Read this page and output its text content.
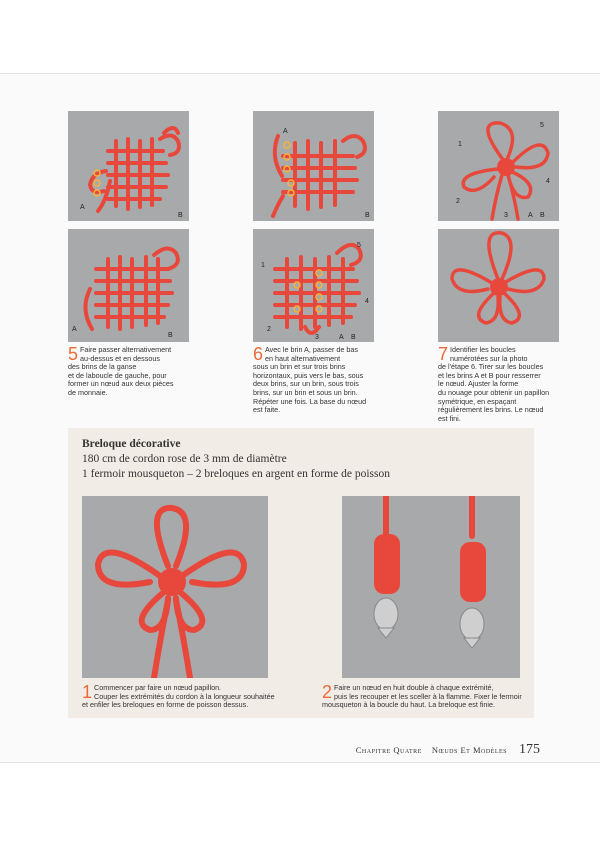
A
B
A
B
1
2
3
4
5
A B
A
B
1
2
3
4
5
A B
5 Faire passer alternativement
au-dessus et en dessous
des brins de la ganse
et de laboucle de gauche, pour
former un nœud aux deux pièces
de monnaie.
6 Avec le brin A, passer de bas
en haut alternativement
sous un brin et sur trois brins
horizontaux, puis vers le bas, sous
deux brins, sur un brin, sous trois
brins, sur un brin et sous un brin.
Répéter une fois. La base du nœud
est faite.
7 Identifier les boucles
numérotées sur la photo
de l'étape 6. Tirer sur les boucles
et les brins A et B pour resserrer
le nœud. Ajuster la forme
du nouage pour obtenir un papillon
symétrique, en espaçant
régulièrement les brins. Le nœud
est fini.
Breloque décorative
180 cm de cordon rose de 3 mm de diamètre
1 fermoir mousqueton – 2 breloques en argent en forme de poisson
1 Commencer par faire un nœud papillon.
Couper les extrémités du cordon à la longueur souhaitée
et enfiler les breloques en forme de poisson dessus.
2 Faire un nœud en huit double à chaque extrémité,
puis les recouper et les sceller à la flamme. Fixer le fermoir
mousqueton à la boucle du haut. La breloque est finie.
Chapitre Quatre Nœuds Et Modèles 175
